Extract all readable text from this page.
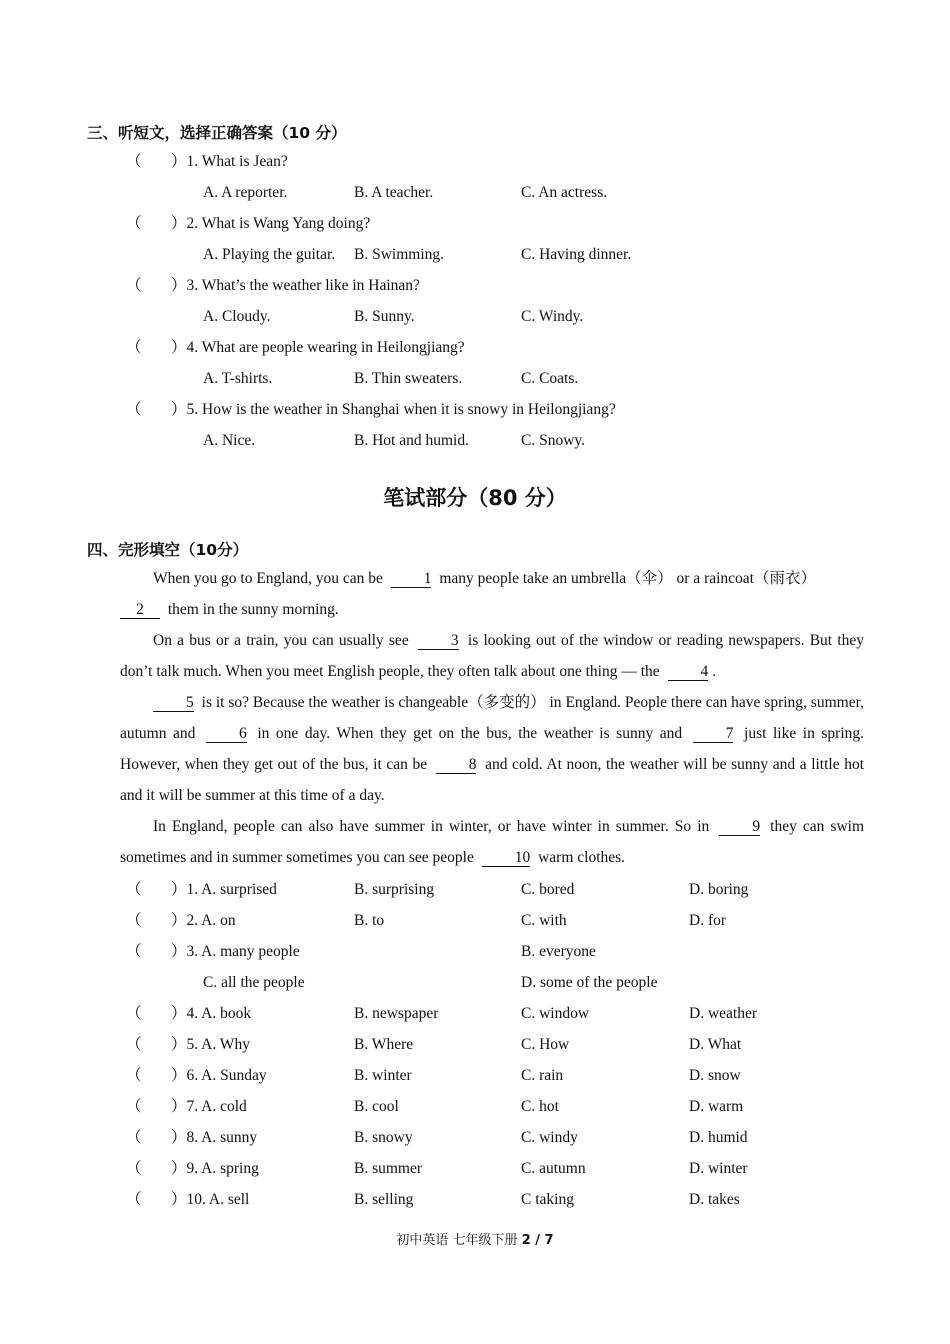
三、听短文，选择正确答案（10 分）
（ ）1. What is Jean?
A. A reporter.	B. A teacher.	C. An actress.
（ ）2. What is Wang Yang doing?
A. Playing the guitar. B. Swimming.	C. Having dinner.
（ ）3. What’s the weather like in Hainan?
A. Cloudy.	B. Sunny.	C. Windy.
（ ）4. What are people wearing in Heilongjiang?
A. T-shirts.	B. Thin sweaters.	C. Coats.
（ ）5. How is the weather in Shanghai when it is snowy in Heilongjiang?
A. Nice.	B. Hot and humid.	C. Snowy.
笔试部分（80 分）
四、完形填空（10分）
When you go to England, you can be	1 many people take an umbrella（伞） or a raincoat（雨衣）

2 them in the sunny morning.
On a bus or a train, you can usually see	3 is looking out of the window or reading newspapers. But they don’t talk much. When you meet English people, they often talk about one thing — the	4 .
5 is it so? Because the weather is changeable（多变的） in England. People there can have spring, summer, autumn and	6 in one day. When they get on the bus, the weather is sunny and	7 just like in spring. However, when they get out of the bus, it can be	8 and cold. At noon, the weather will be sunny and a little hot and it will be summer at this time of a day.
In England, people can also have summer in winter, or have winter in summer. So in	9 they can swim sometimes and in summer sometimes you can see people	10 warm clothes.
（ ）1. A. surprised	B. surprising	C. bored	D. boring
（ ）2. A. on	B. to	C. with	D. for
（ ）3. A. many people	B. everyone
C. all the people	D. some of the people
（ ）4. A. book	B. newspaper	C. window	D. weather
（ ）5. A. Why	B. Where	C. How	D. What
（ ）6. A. Sunday	B. winter	C. rain	D. snow
（ ）7. A. cold	B. cool	C. hot	D. warm
（ ）8. A. sunny	B. snowy	C. windy	D. humid
（ ）9. A. spring	B. summer	C. autumn	D. winter
（ ）10. A. sell	B. selling	C taking	D. takes
初中英语 七年级下册 2 / 7
